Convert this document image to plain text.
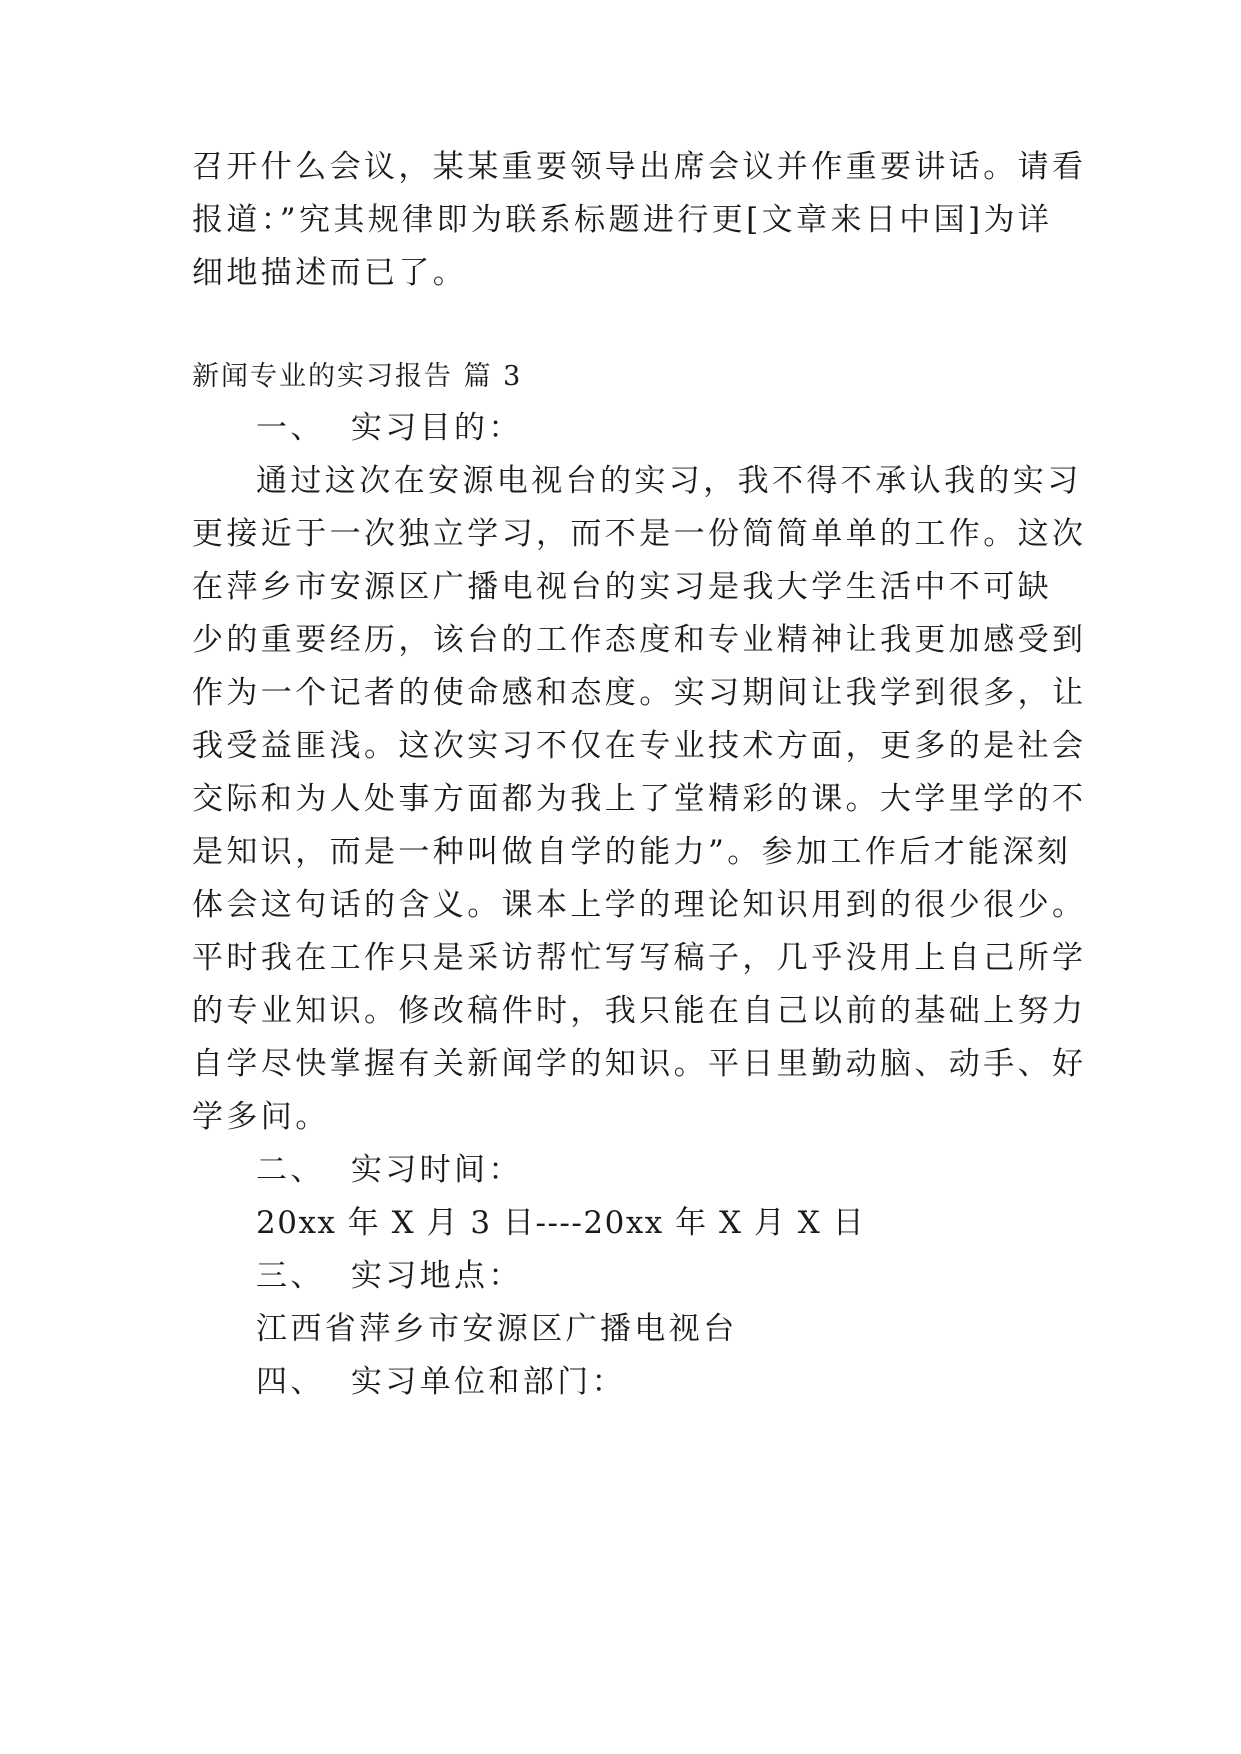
召开什么会议，某某重要领导出席会议并作重要讲话。请看
报道：”究其规律即为联系标题进行更[文章来日中国]为详
细地描述而已了。
新闻专业的实习报告 篇 3
一、 实习目的：
通过这次在安源电视台的实习，我不得不承认我的实习
更接近于一次独立学习，而不是一份简简单单的工作。这次
在萍乡市安源区广播电视台的实习是我大学生活中不可缺
少的重要经历，该台的工作态度和专业精神让我更加感受到
作为一个记者的使命感和态度。实习期间让我学到很多，让
我受益匪浅。这次实习不仅在专业技术方面，更多的是社会
交际和为人处事方面都为我上了堂精彩的课。大学里学的不
是知识，而是一种叫做自学的能力”。参加工作后才能深刻
体会这句话的含义。课本上学的理论知识用到的很少很少。
平时我在工作只是采访帮忙写写稿子，几乎没用上自己所学
的专业知识。修改稿件时，我只能在自己以前的基础上努力
自学尽快掌握有关新闻学的知识。平日里勤动脑、动手、好
学多问。
二、 实习时间：
20xx 年 X 月 3 日----20xx 年 X 月 X 日
三、 实习地点：
江西省萍乡市安源区广播电视台
四、 实习单位和部门：
